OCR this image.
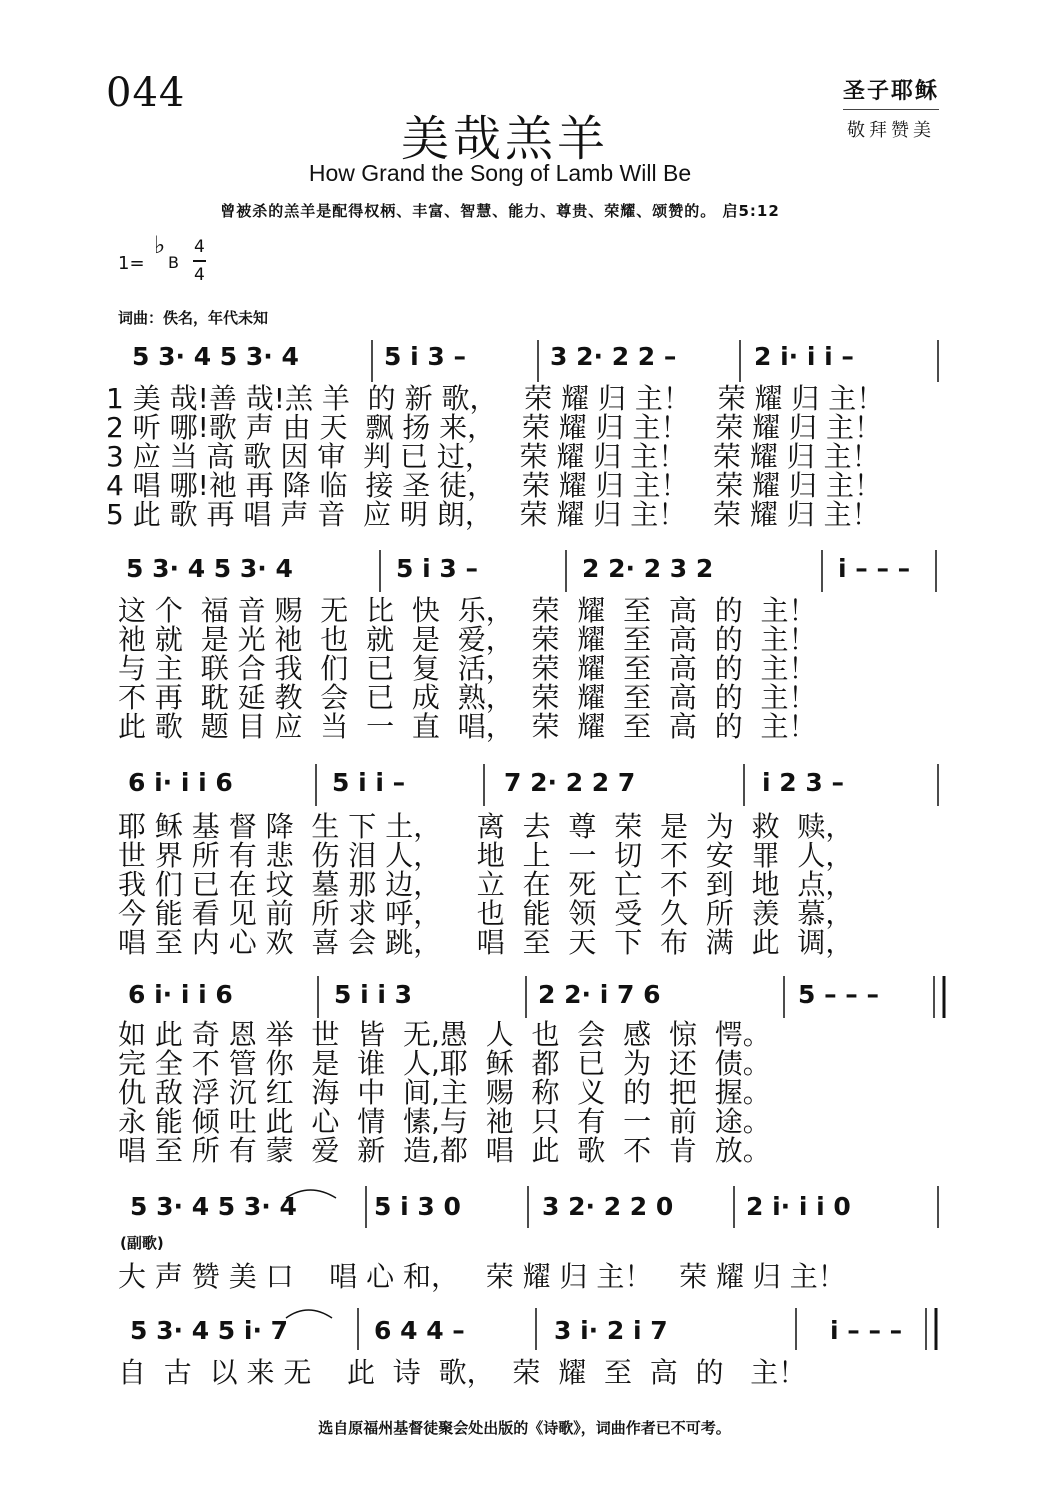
044
美哉羔羊
How Grand the Song of Lamb Will Be
圣子耶稣
敬拜赞美
曾被杀的羔羊是配得权柄、丰富、智慧、能力、尊贵、荣耀、颂赞的。 启5:12
1=
♭
B
4
4
词曲：佚名，年代未知
5 3· 4 5 3· 4	5 i 3 –	3 2· 2 2 –	2 i· i i –
1 美 哉!善 哉!羔 羊  的 新 歌，   荣 耀 归 主！   荣 耀 归 主！
2 听 哪!歌 声 由 天  飘 扬 来，   荣 耀 归 主！   荣 耀 归 主！
3 应 当 高 歌 因 审  判 已 过，   荣 耀 归 主！   荣 耀 归 主！
4 唱 哪!祂 再 降 临  接 圣 徒，   荣 耀 归 主！   荣 耀 归 主！
5 此 歌 再 唱 声 音  应 明 朗，   荣 耀 归 主！   荣 耀 归 主！
5 3· 4 5 3· 4	5 i 3 –	2 2· 2 3 2	i – – –
这 个  福 音 赐  无  比  快  乐，  荣  耀  至  高  的  主！
祂 就  是 光 祂  也  就  是  爱，  荣  耀  至  高  的  主！
与 主  联 合 我  们  已  复  活，  荣  耀  至  高  的  主！
不 再  耽 延 教  会  已  成  熟，  荣  耀  至  高  的  主！
此 歌  题 目 应  当  一  直  唱，  荣  耀  至  高  的  主！
6 i· i i 6	5 i i –	7 2· 2 2 7	i 2 3 –
耶 稣 基 督 降  生 下 土，    离  去  尊  荣  是  为  救  赎，
世 界 所 有 悲  伤 泪 人，    地  上  一  切  不  安  罪  人，
我 们 已 在 坟  墓 那 边，    立  在  死  亡  不  到  地  点，
今 能 看 见 前  所 求 呼，    也  能  领  受  久  所  羡  慕，
唱 至 内 心 欢  喜 会 跳，    唱  至  天  下  布  满  此  调，
6 i· i i 6	5 i i 3	2 2· i 7 6	5 – – –
如 此 奇 恩 举  世  皆  无,愚  人  也  会  感  惊  愕。
完 全 不 管 你  是  谁  人,耶  稣  都  已  为  还  债。
仇 敌 浮 沉 红  海  中  间,主  赐  称  义  的  把  握。
永 能 倾 吐 此  心  情  愫,与  祂  只  有  一  前  途。
唱 至 所 有 蒙  爱  新  造,都  唱  此  歌  不  肯  放。
5 3· 4 5 3· 4	5 i 3 0	3 2· 2 2 0	2 i· i i 0
大 声 赞 美 口    唱 心 和，   荣 耀 归 主！   荣 耀 归 主！
(副歌)
5 3· 4 5 i· 7	6 4 4 –	3 i· 2 i 7	i – – –
自  古  以 来 无    此  诗  歌，  荣  耀  至  高  的   主！
选自原福州基督徒聚会处出版的《诗歌》，词曲作者已不可考。
